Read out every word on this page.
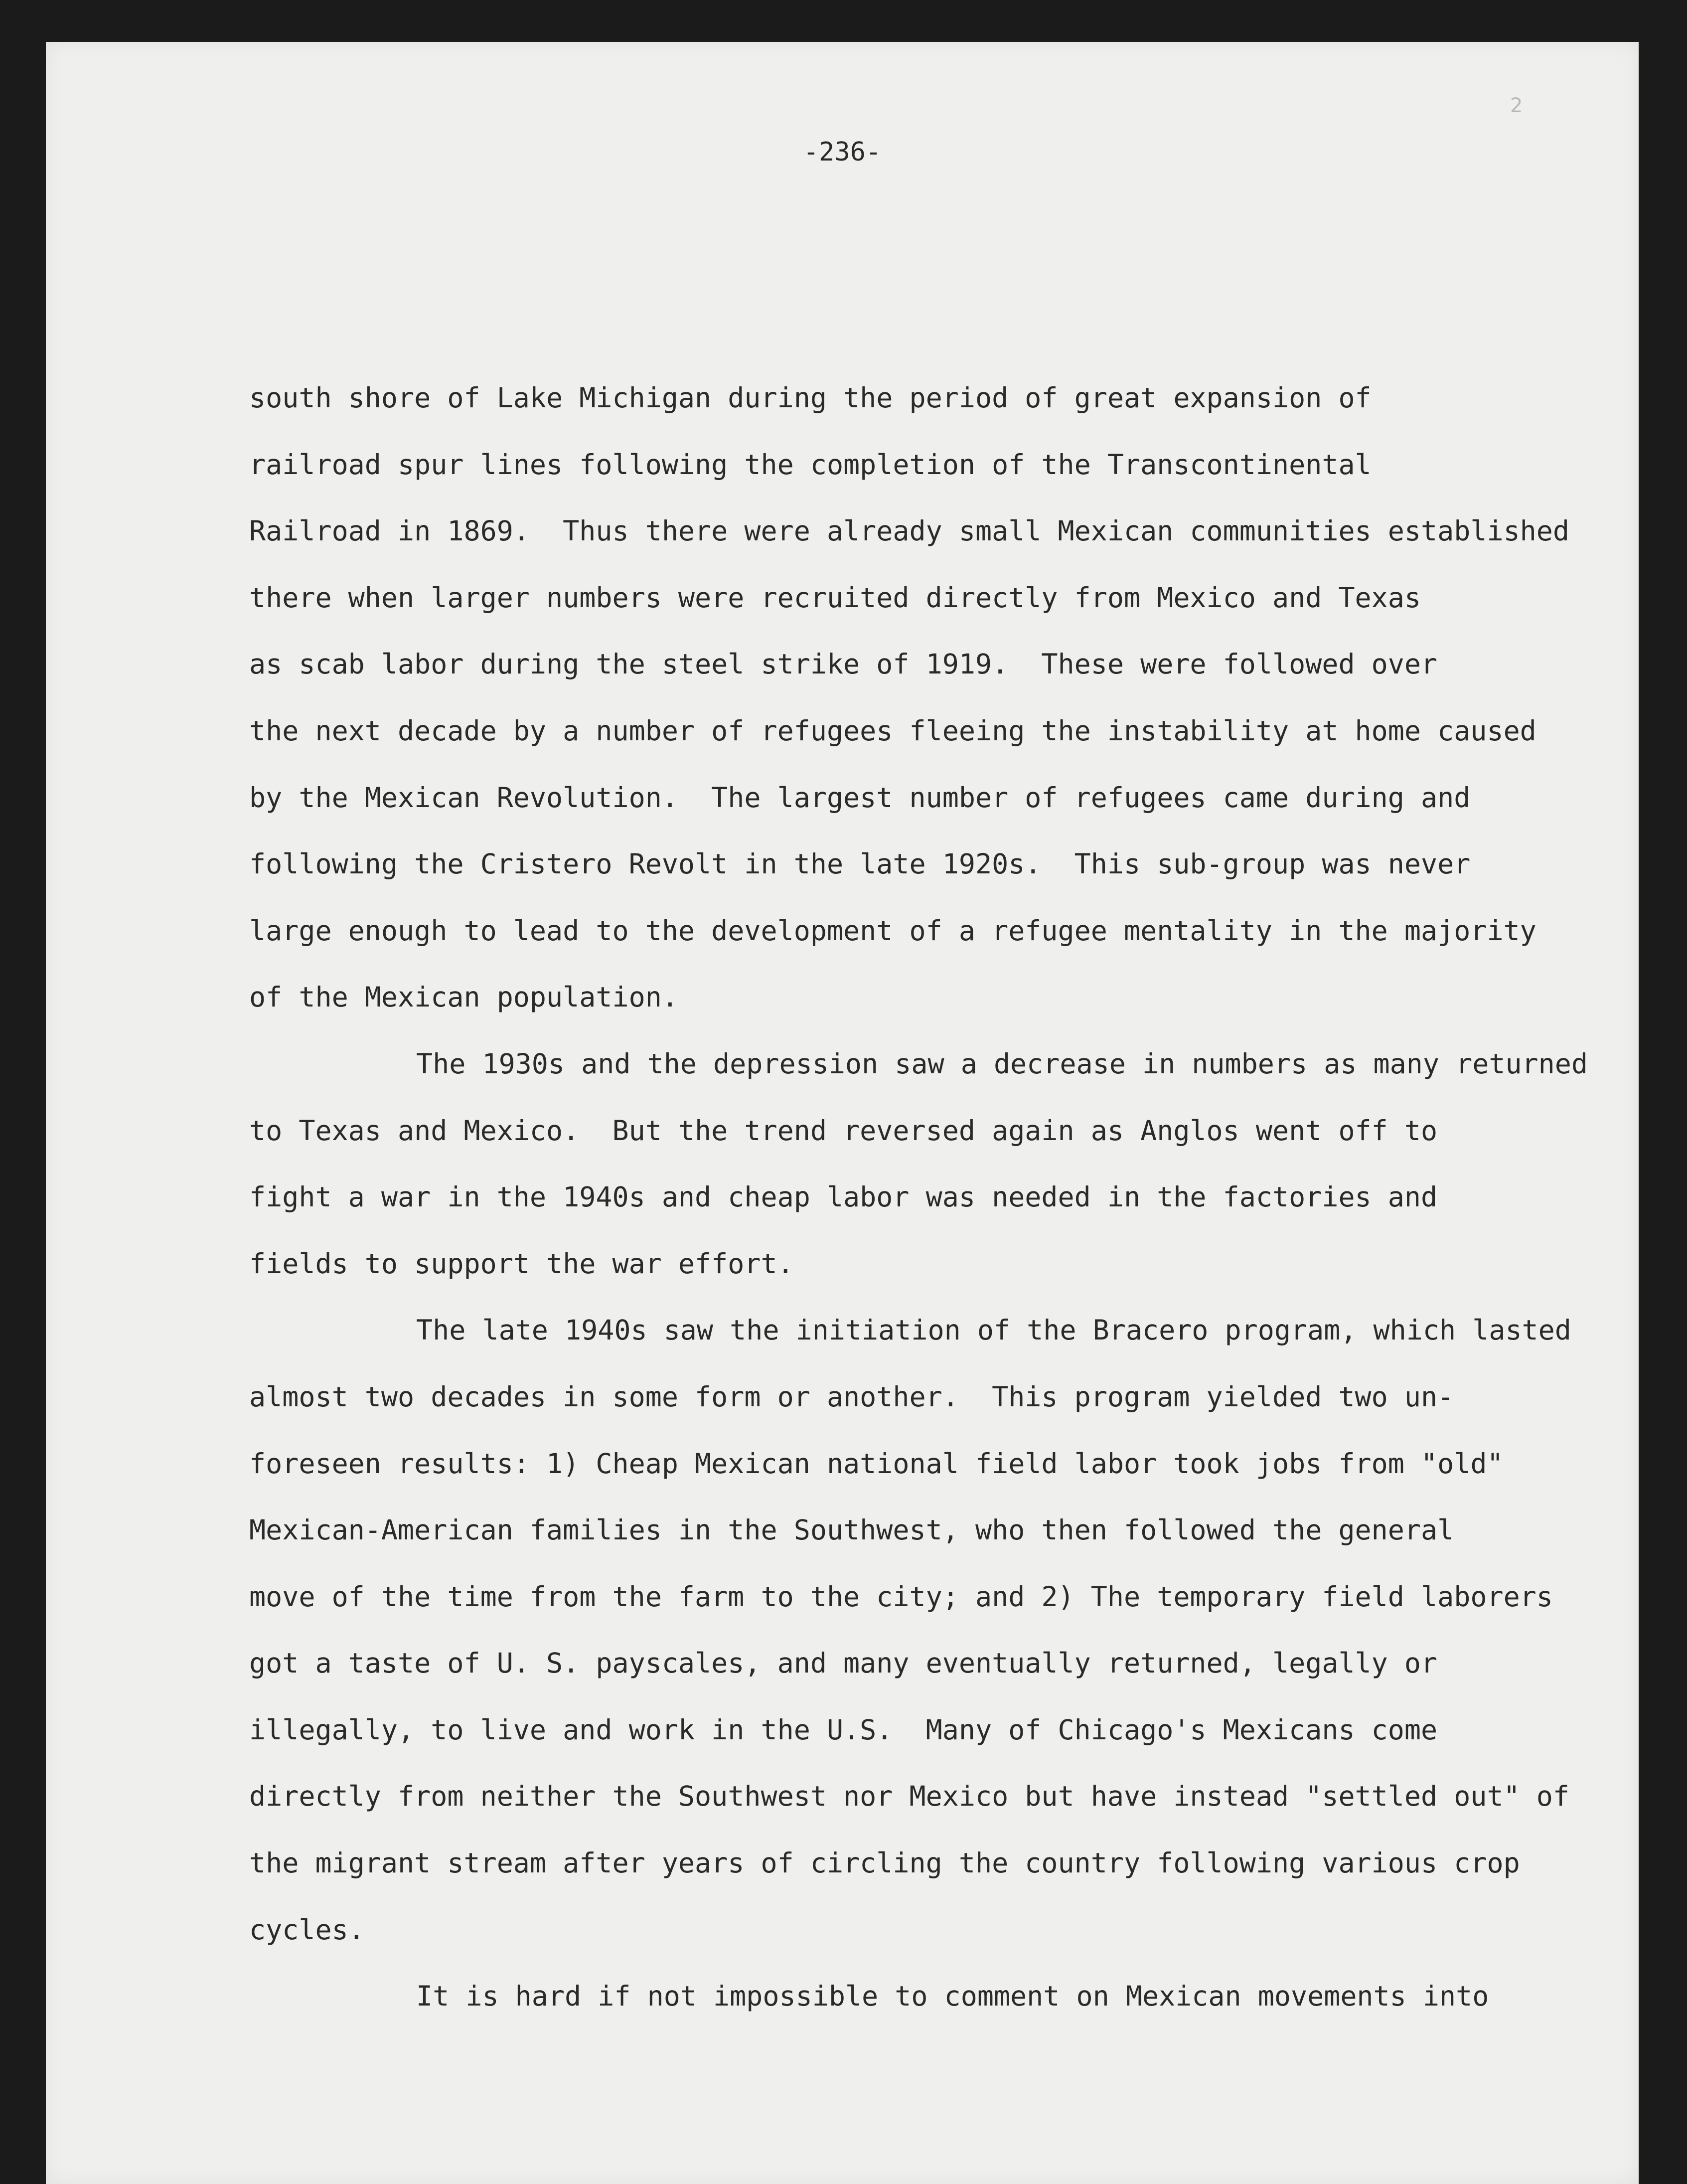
2
-236-
south shore of Lake Michigan during the period of great expansion of
railroad spur lines following the completion of the Transcontinental
Railroad in 1869.  Thus there were already small Mexican communities established
there when larger numbers were recruited directly from Mexico and Texas
as scab labor during the steel strike of 1919.  These were followed over
the next decade by a number of refugees fleeing the instability at home caused
by the Mexican Revolution.  The largest number of refugees came during and
following the Cristero Revolt in the late 1920s.  This sub-group was never
large enough to lead to the development of a refugee mentality in the majority
of the Mexican population.
The 1930s and the depression saw a decrease in numbers as many returned
to Texas and Mexico.  But the trend reversed again as Anglos went off to
fight a war in the 1940s and cheap labor was needed in the factories and
fields to support the war effort.
The late 1940s saw the initiation of the Bracero program, which lasted
almost two decades in some form or another.  This program yielded two un-
foreseen results: 1) Cheap Mexican national field labor took jobs from "old"
Mexican-American families in the Southwest, who then followed the general
move of the time from the farm to the city; and 2) The temporary field laborers
got a taste of U. S. payscales, and many eventually returned, legally or
illegally, to live and work in the U.S.  Many of Chicago's Mexicans come
directly from neither the Southwest nor Mexico but have instead "settled out" of
the migrant stream after years of circling the country following various crop
cycles.
It is hard if not impossible to comment on Mexican movements into
